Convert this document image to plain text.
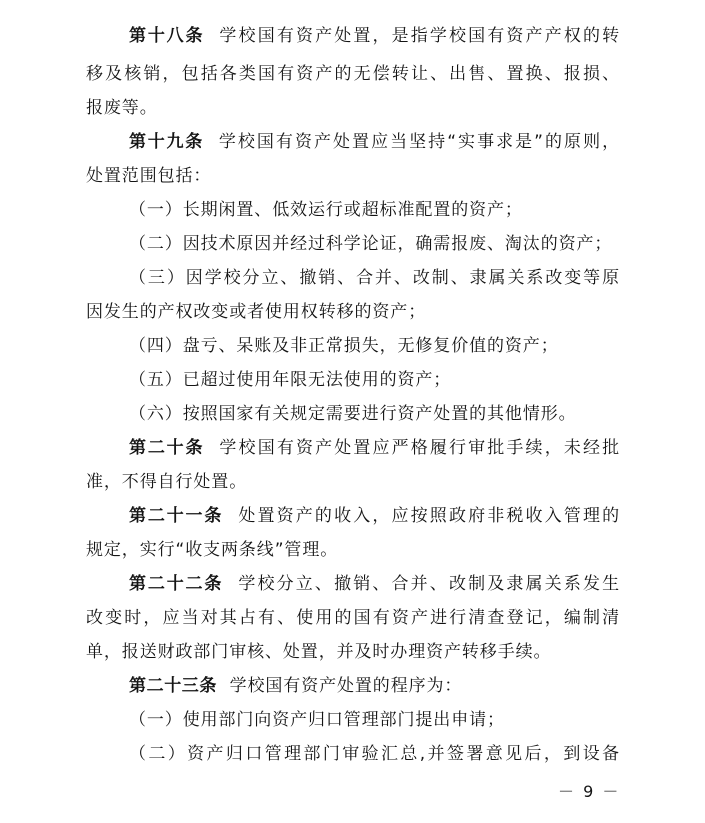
第十八条 学校国有资产处置，是指学校国有资产产权的转
移及核销，包括各类国有资产的无偿转让、出售、置换、报损、
报废等。
第十九条 学校国有资产处置应当坚持“实事求是”的原则，
处置范围包括：
（一）长期闲置、低效运行或超标准配置的资产；
（二）因技术原因并经过科学论证，确需报废、淘汰的资产；
（三）因学校分立、撤销、合并、改制、隶属关系改变等原
因发生的产权改变或者使用权转移的资产；
（四）盘亏、呆账及非正常损失，无修复价值的资产；
（五）已超过使用年限无法使用的资产；
（六）按照国家有关规定需要进行资产处置的其他情形。
第二十条 学校国有资产处置应严格履行审批手续，未经批
准，不得自行处置。
第二十一条 处置资产的收入，应按照政府非税收入管理的
规定，实行“收支两条线”管理。
第二十二条 学校分立、撤销、合并、改制及隶属关系发生
改变时，应当对其占有、使用的国有资产进行清查登记，编制清
单，报送财政部门审核、处置，并及时办理资产转移手续。
第二十三条 学校国有资产处置的程序为：
（一）使用部门向资产归口管理部门提出申请；
（二）资产归口管理部门审验汇总,并签署意见后，到设备
－ 9 －
